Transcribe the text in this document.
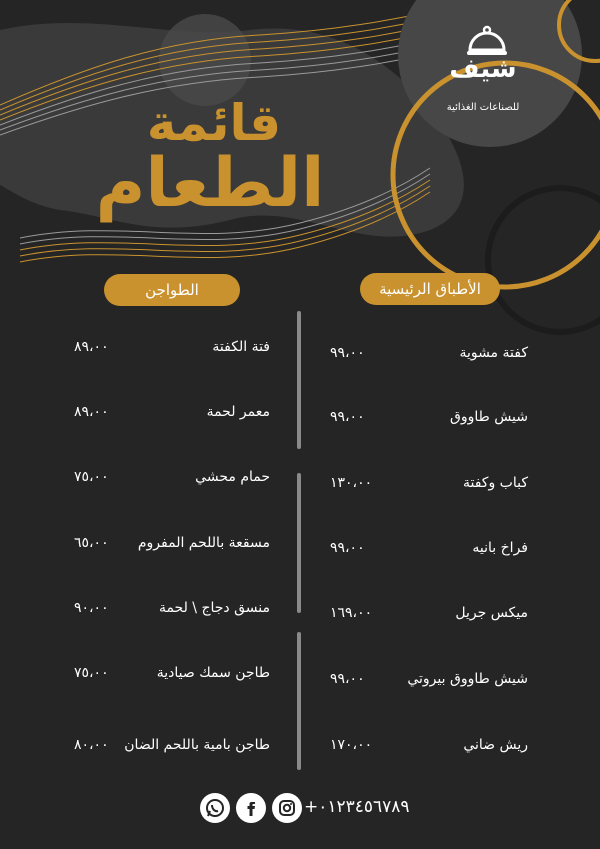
شيف
للصناعات الغذائية
قائمة
الطعام
الأطباق الرئيسية
الطواجن
كفتة مشوية
٩٩،٠٠
شيش طاووق
٩٩،٠٠
كباب وكفتة
١٣٠،٠٠
فراخ بانيه
٩٩،٠٠
ميكس جريل
١٦٩،٠٠
شيش طاووق بيروتي
٩٩،٠٠
ريش ضاني
١٧٠،٠٠
فتة الكفتة
٨٩،٠٠
معمر لحمة
٨٩،٠٠
حمام محشي
٧٥،٠٠
مسقعة باللحم المفروم
٦٥،٠٠
منسق دجاج \ لحمة
٩٠،٠٠
طاجن سمك صيادية
٧٥،٠٠
طاجن بامية باللحم الضان
٨٠،٠٠
+٠١٢٣٤٥٦٧٨٩
